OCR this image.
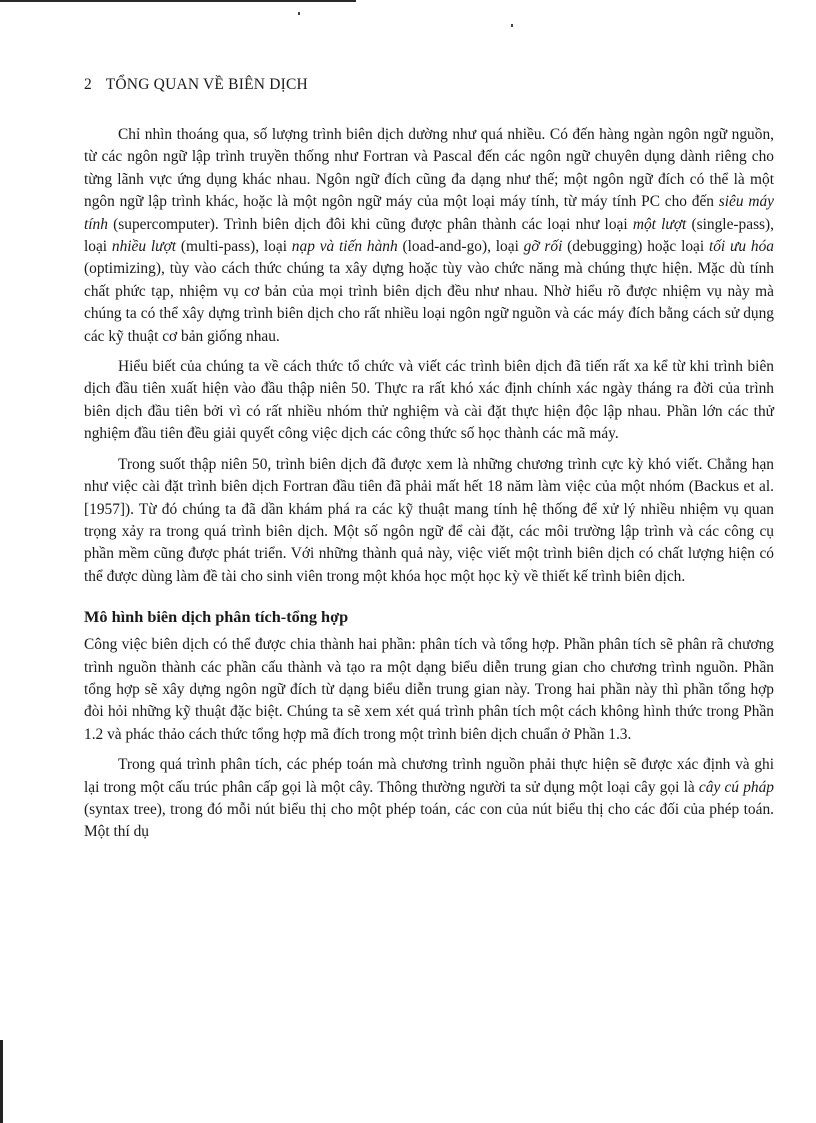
2 TỔNG QUAN VỀ BIÊN DỊCH

Chỉ nhìn thoáng qua, số lượng trình biên dịch dường như quá nhiều. Có đến hàng ngàn ngôn ngữ nguồn, từ các ngôn ngữ lập trình truyền thống như Fortran và Pascal đến các ngôn ngữ chuyên dụng dành riêng cho từng lãnh vực ứng dụng khác nhau. Ngôn ngữ đích cũng đa dạng như thế; một ngôn ngữ đích có thể là một ngôn ngữ lập trình khác, hoặc là một ngôn ngữ máy của một loại máy tính, từ máy tính PC cho đến siêu máy tính (supercomputer). Trình biên dịch đôi khi cũng được phân thành các loại như loại một lượt (single-pass), loại nhiều lượt (multi-pass), loại nạp và tiến hành (load-and-go), loại gỡ rối (debugging) hoặc loại tối ưu hóa (optimizing), tùy vào cách thức chúng ta xây dựng hoặc tùy vào chức năng mà chúng thực hiện. Mặc dù tính chất phức tạp, nhiệm vụ cơ bản của mọi trình biên dịch đều như nhau. Nhờ hiểu rõ được nhiệm vụ này mà chúng ta có thể xây dựng trình biên dịch cho rất nhiều loại ngôn ngữ nguồn và các máy đích bằng cách sử dụng các kỹ thuật cơ bản giống nhau.

Hiểu biết của chúng ta về cách thức tổ chức và viết các trình biên dịch đã tiến rất xa kể từ khi trình biên dịch đầu tiên xuất hiện vào đầu thập niên 50. Thực ra rất khó xác định chính xác ngày tháng ra đời của trình biên dịch đầu tiên bởi vì có rất nhiều nhóm thử nghiệm và cài đặt thực hiện độc lập nhau. Phần lớn các thử nghiệm đầu tiên đều giải quyết công việc dịch các công thức số học thành các mã máy.

Trong suốt thập niên 50, trình biên dịch đã được xem là những chương trình cực kỳ khó viết. Chẳng hạn như việc cài đặt trình biên dịch Fortran đầu tiên đã phải mất hết 18 năm làm việc của một nhóm (Backus et al. [1957]). Từ đó chúng ta đã dần khám phá ra các kỹ thuật mang tính hệ thống để xử lý nhiều nhiệm vụ quan trọng xảy ra trong quá trình biên dịch. Một số ngôn ngữ để cài đặt, các môi trường lập trình và các công cụ phần mềm cũng được phát triển. Với những thành quả này, việc viết một trình biên dịch có chất lượng hiện có thể được dùng làm đề tài cho sinh viên trong một khóa học một học kỳ về thiết kế trình biên dịch.

Mô hình biên dịch phân tích-tổng hợp

Công việc biên dịch có thể được chia thành hai phần: phân tích và tổng hợp. Phần phân tích sẽ phân rã chương trình nguồn thành các phần cấu thành và tạo ra một dạng biểu diễn trung gian cho chương trình nguồn. Phần tổng hợp sẽ xây dựng ngôn ngữ đích từ dạng biểu diễn trung gian này. Trong hai phần này thì phần tổng hợp đòi hỏi những kỹ thuật đặc biệt. Chúng ta sẽ xem xét quá trình phân tích một cách không hình thức trong Phần 1.2 và phác thảo cách thức tổng hợp mã đích trong một trình biên dịch chuẩn ở Phần 1.3.

Trong quá trình phân tích, các phép toán mà chương trình nguồn phải thực hiện sẽ được xác định và ghi lại trong một cấu trúc phân cấp gọi là một cây. Thông thường người ta sử dụng một loại cây gọi là cây cú pháp (syntax tree), trong đó mỗi nút biểu thị cho một phép toán, các con của nút biểu thị cho các đối của phép toán. Một thí dụ
